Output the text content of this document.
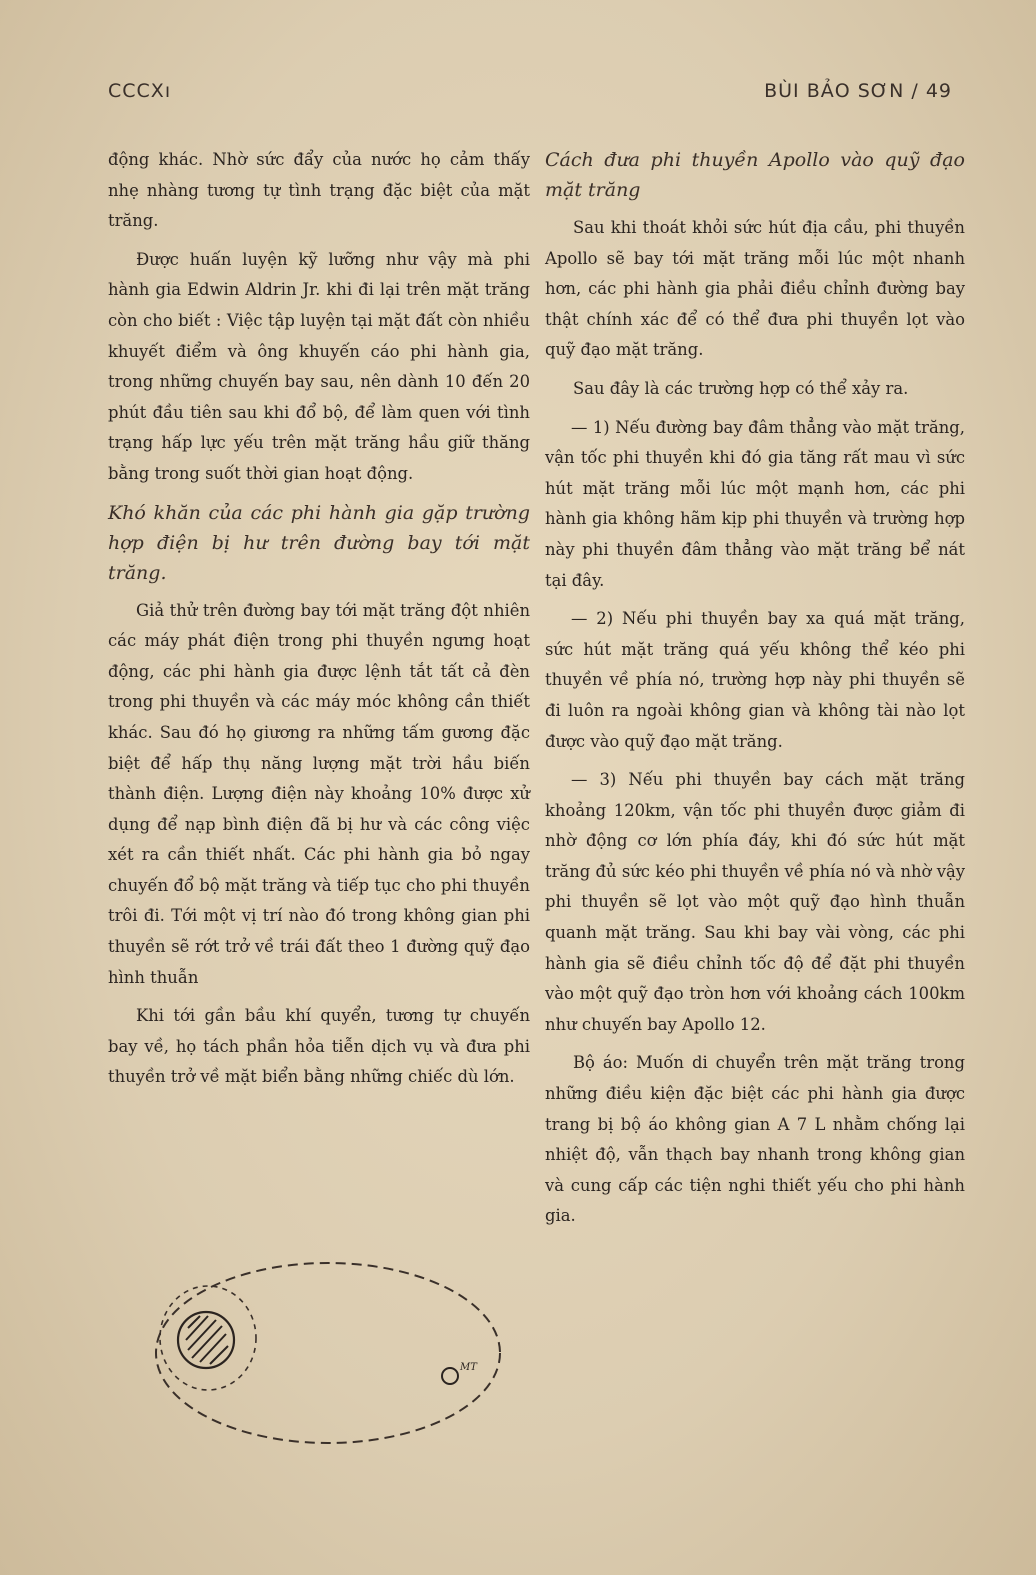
CCCXı	BÙI BẢO SƠN / 49

động khác. Nhờ sức đẩy của nước họ cảm thấy nhẹ nhàng tương tự tình trạng đặc biệt của mặt trăng.

Được huấn luyện kỹ lưỡng như vậy mà phi hành gia Edwin Aldrin Jr. khi đi lại trên mặt trăng còn cho biết : Việc tập luyện tại mặt đất còn nhiều khuyết điểm và ông khuyến cáo phi hành gia, trong những chuyến bay sau, nên dành 10 đến 20 phút đầu tiên sau khi đổ bộ, để làm quen với tình trạng hấp lực yếu trên mặt trăng hầu giữ thăng bằng trong suốt thời gian hoạt động.

Khó khăn của các phi hành gia gặp trường hợp điện bị hư trên đường bay tới mặt trăng.

Giả thử trên đường bay tới mặt trăng đột nhiên các máy phát điện trong phi thuyền ngưng hoạt động, các phi hành gia được lệnh tắt tất cả đèn trong phi thuyền và các máy móc không cần thiết khác. Sau đó họ giương ra những tấm gương đặc biệt để hấp thụ năng lượng mặt trời hầu biến thành điện. Lượng điện này khoảng 10% được xử dụng để nạp bình điện đã bị hư và các công việc xét ra cần thiết nhất. Các phi hành gia bỏ ngay chuyến đổ bộ mặt trăng và tiếp tục cho phi thuyền trôi đi. Tới một vị trí nào đó trong không gian phi thuyền sẽ rớt trở về trái đất theo 1 đường quỹ đạo hình thuẫn

Khi tới gần bầu khí quyển, tương tự chuyến bay về, họ tách phần hỏa tiễn dịch vụ và đưa phi thuyền trở về mặt biển bằng những chiếc dù lớn.

Cách đưa phi thuyền Apollo vào quỹ đạo mặt trăng

Sau khi thoát khỏi sức hút địa cầu, phi thuyền Apollo sẽ bay tới mặt trăng mỗi lúc một nhanh hơn, các phi hành gia phải điều chỉnh đường bay thật chính xác để có thể đưa phi thuyền lọt vào quỹ đạo mặt trăng.

Sau đây là các trường hợp có thể xảy ra.

— 1) Nếu đường bay đâm thẳng vào mặt trăng, vận tốc phi thuyền khi đó gia tăng rất mau vì sức hút mặt trăng mỗi lúc một mạnh hơn, các phi hành gia không hãm kịp phi thuyền và trường hợp này phi thuyền đâm thẳng vào mặt trăng bể nát tại đây.

— 2) Nếu phi thuyền bay xa quá mặt trăng, sức hút mặt trăng quá yếu không thể kéo phi thuyền về phía nó, trường hợp này phi thuyền sẽ đi luôn ra ngoài không gian và không tài nào lọt được vào quỹ đạo mặt trăng.

— 3) Nếu phi thuyền bay cách mặt trăng khoảng 120km, vận tốc phi thuyền được giảm đi nhờ động cơ lớn phía đáy, khi đó sức hút mặt trăng đủ sức kéo phi thuyền về phía nó và nhờ vậy phi thuyền sẽ lọt vào một quỹ đạo hình thuẫn quanh mặt trăng. Sau khi bay vài vòng, các phi hành gia sẽ điều chỉnh tốc độ để đặt phi thuyền vào một quỹ đạo tròn hơn với khoảng cách 100km như chuyến bay Apollo 12.

Bộ áo: Muốn di chuyển trên mặt trăng trong những điều kiện đặc biệt các phi hành gia được trang bị bộ áo không gian A 7 L nhằm chống lại nhiệt độ, vẫn thạch bay nhanh trong không gian và cung cấp các tiện nghi thiết yếu cho phi hành gia.

MT
